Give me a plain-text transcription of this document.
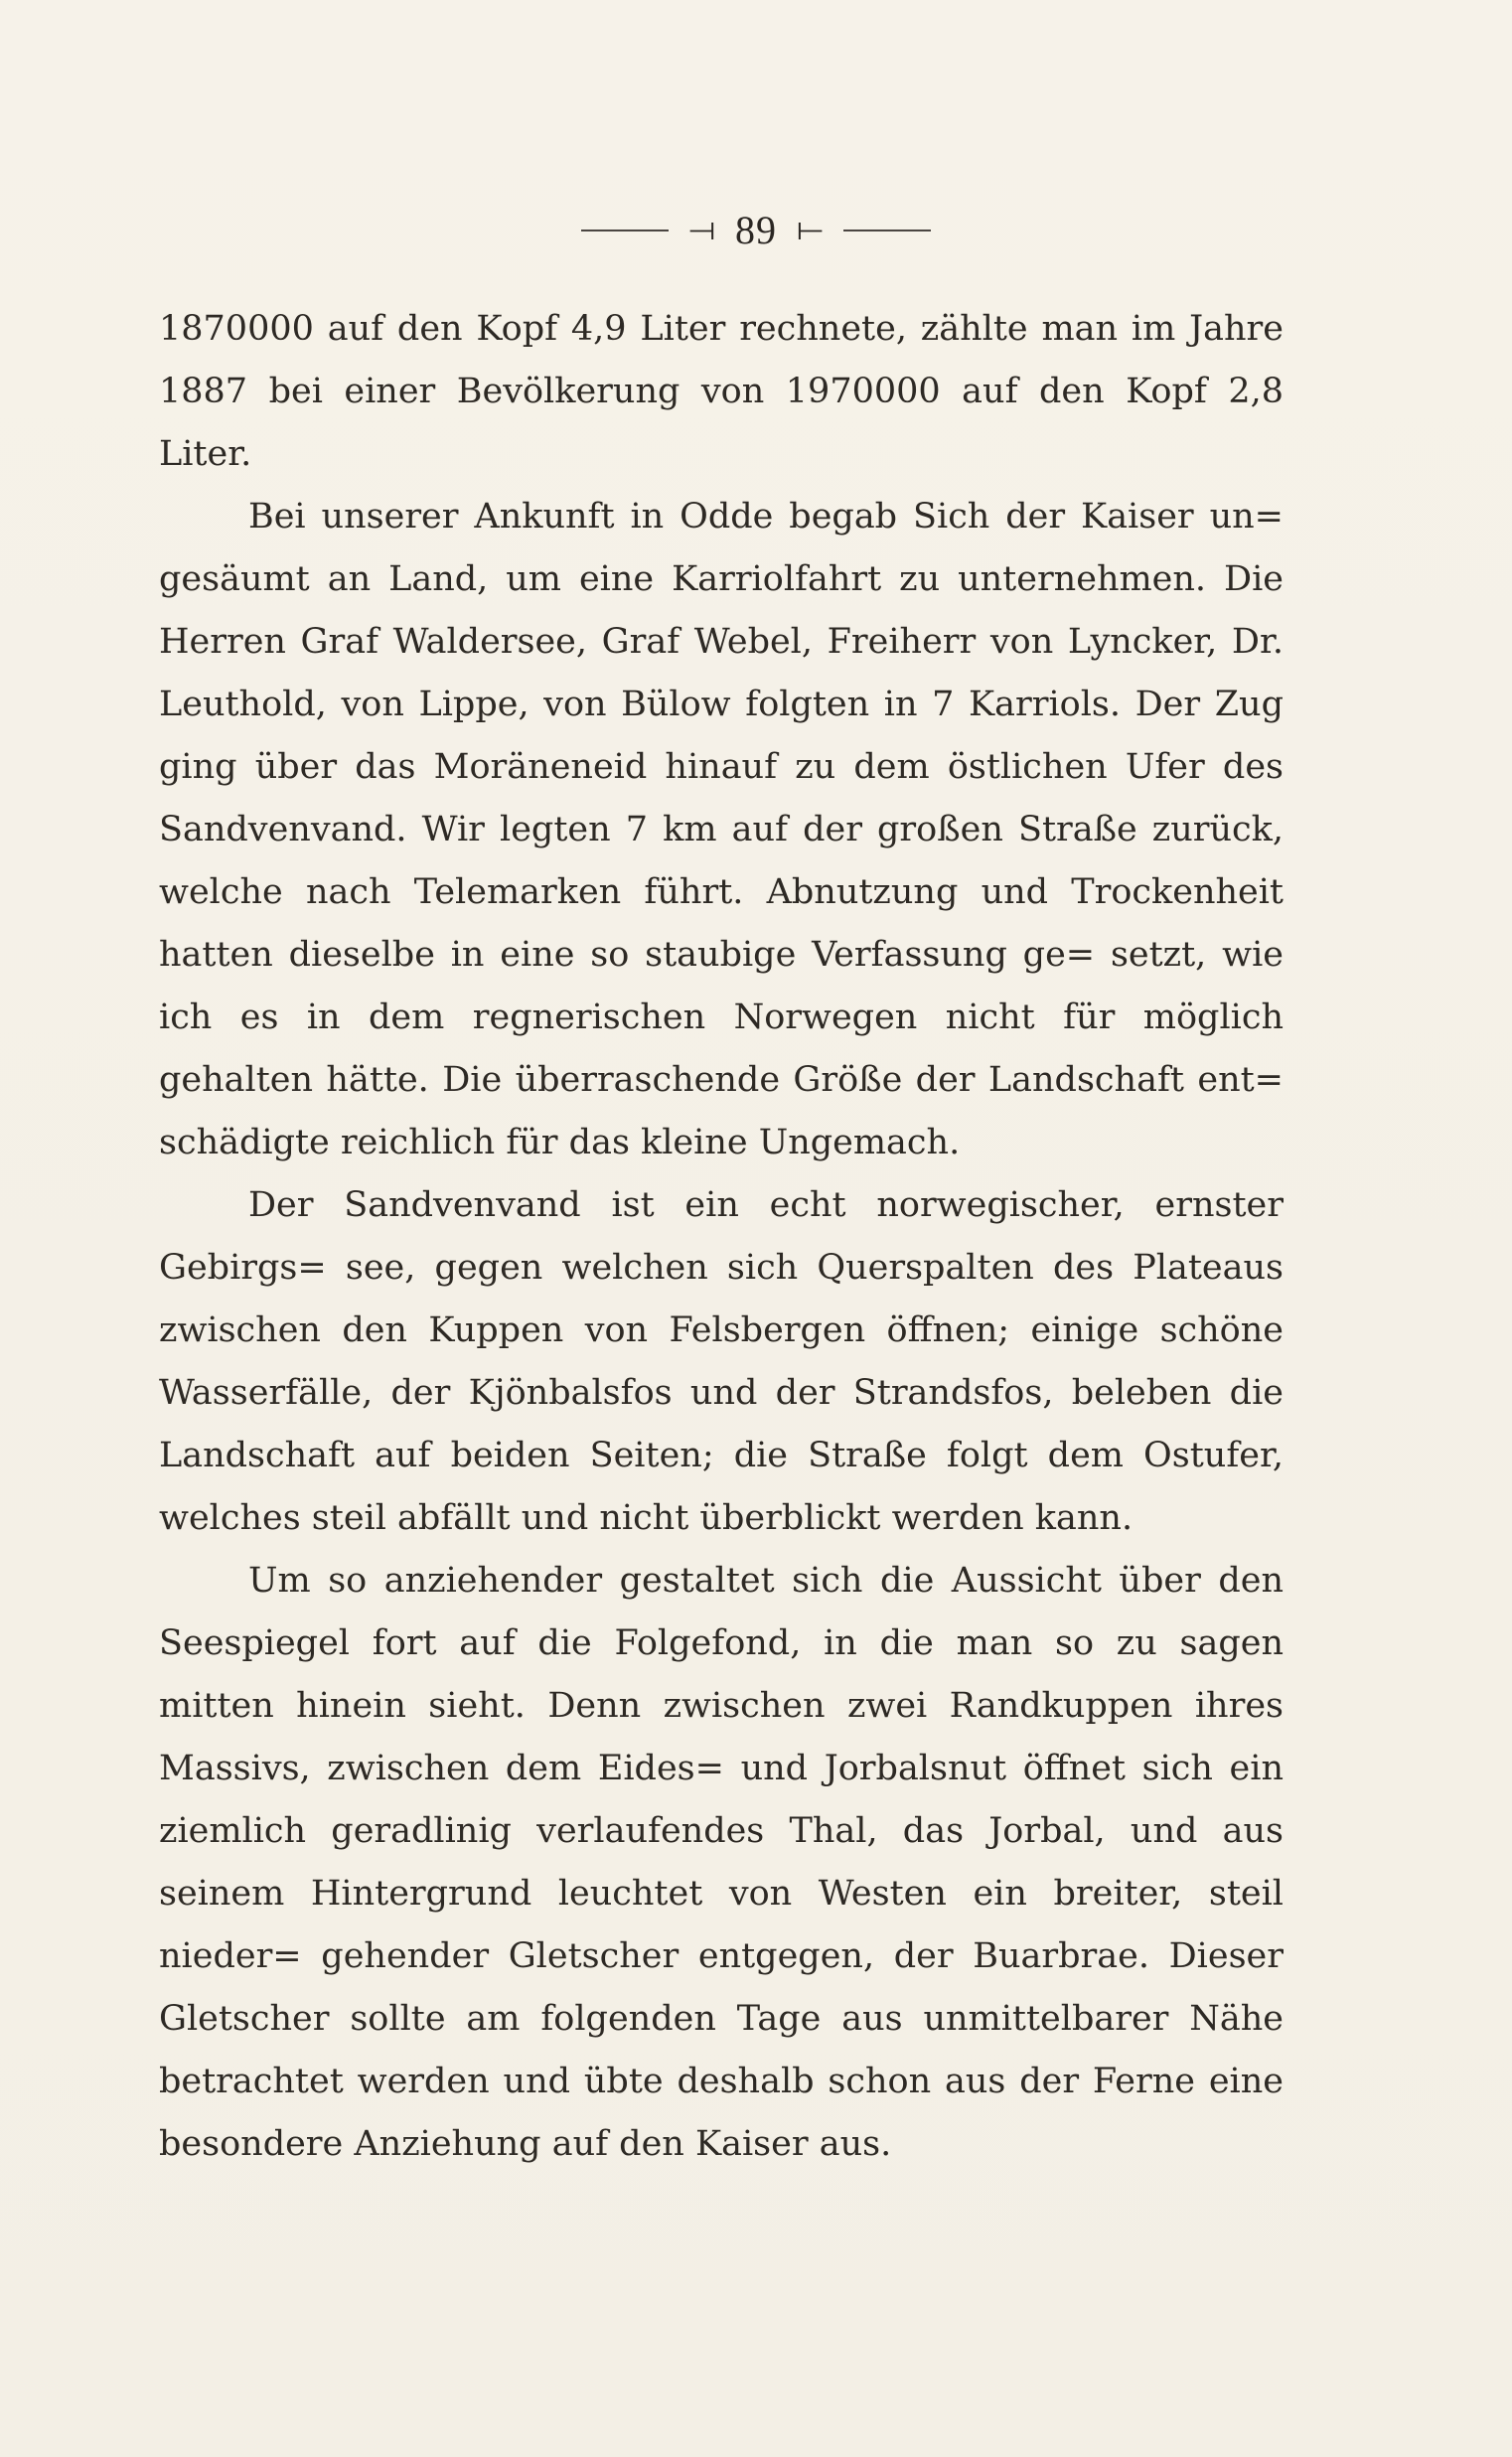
⟞ 89 ⟝

1870000 auf den Kopf 4,9 Liter rechnete, zählte man im Jahre 1887 bei einer Bevölkerung von 1970000 auf den Kopf 2,8 Liter.

Bei unserer Ankunft in Odde begab Sich der Kaiser un= gesäumt an Land, um eine Karriolfahrt zu unternehmen. Die Herren Graf Waldersee, Graf Webel, Freiherr von Lyncker, Dr. Leuthold, von Lippe, von Bülow folgten in 7 Karriols. Der Zug ging über das Moräneneid hinauf zu dem östlichen Ufer des Sandvenvand. Wir legten 7 km auf der großen Straße zurück, welche nach Telemarken führt. Abnutzung und Trockenheit hatten dieselbe in eine so staubige Verfassung ge= setzt, wie ich es in dem regnerischen Norwegen nicht für möglich gehalten hätte. Die überraschende Größe der Landschaft ent= schädigte reichlich für das kleine Ungemach.

Der Sandvenvand ist ein echt norwegischer, ernster Gebirgs= see, gegen welchen sich Querspalten des Plateaus zwischen den Kuppen von Felsbergen öffnen; einige schöne Wasserfälle, der Kjönbalsfos und der Strandsfos, beleben die Landschaft auf beiden Seiten; die Straße folgt dem Ostufer, welches steil abfällt und nicht überblickt werden kann.

Um so anziehender gestaltet sich die Aussicht über den Seespiegel fort auf die Folgefond, in die man so zu sagen mitten hinein sieht. Denn zwischen zwei Randkuppen ihres Massivs, zwischen dem Eides= und Jorbalsnut öffnet sich ein ziemlich geradlinig verlaufendes Thal, das Jorbal, und aus seinem Hintergrund leuchtet von Westen ein breiter, steil nieder= gehender Gletscher entgegen, der Buarbrae. Dieser Gletscher sollte am folgenden Tage aus unmittelbarer Nähe betrachtet werden und übte deshalb schon aus der Ferne eine besondere Anziehung auf den Kaiser aus.
